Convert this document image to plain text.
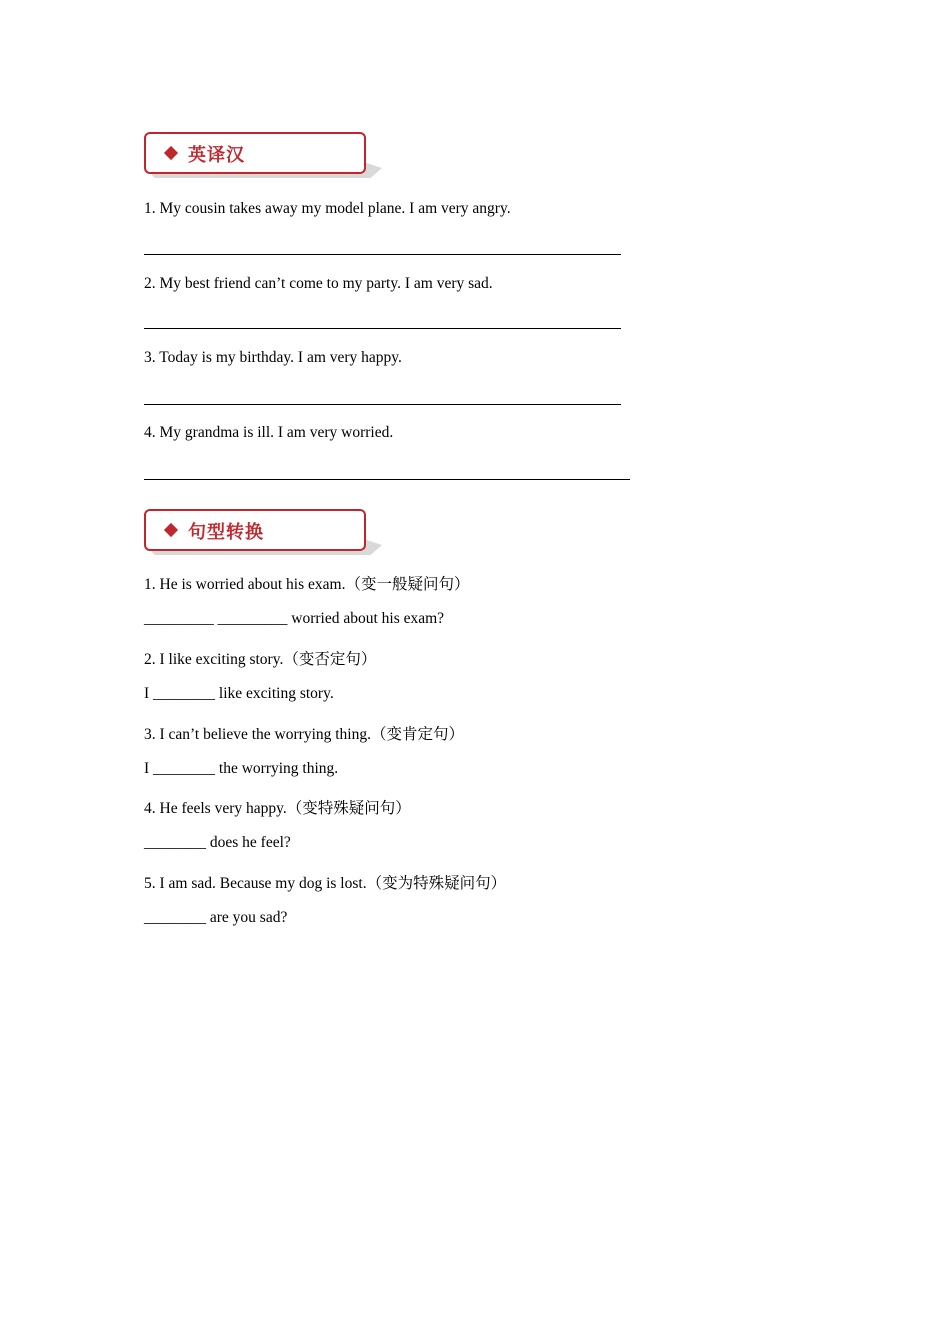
英译汉
1. My cousin takes away my model plane. I am very angry.
2. My best friend can’t come to my party. I am very sad.
3. Today is my birthday. I am very happy.
4. My grandma is ill. I am very worried.
句型转换
1. He is worried about his exam.（变一般疑问句）
_________ _________ worried about his exam?
2. I like exciting story.（变否定句）
I ________ like exciting story.
3. I can’t believe the worrying thing.（变肯定句）
I ________ the worrying thing.
4. He feels very happy.（变特殊疑问句）
________ does he feel?
5. I am sad. Because my dog is lost.（变为特殊疑问句）
________ are you sad?
